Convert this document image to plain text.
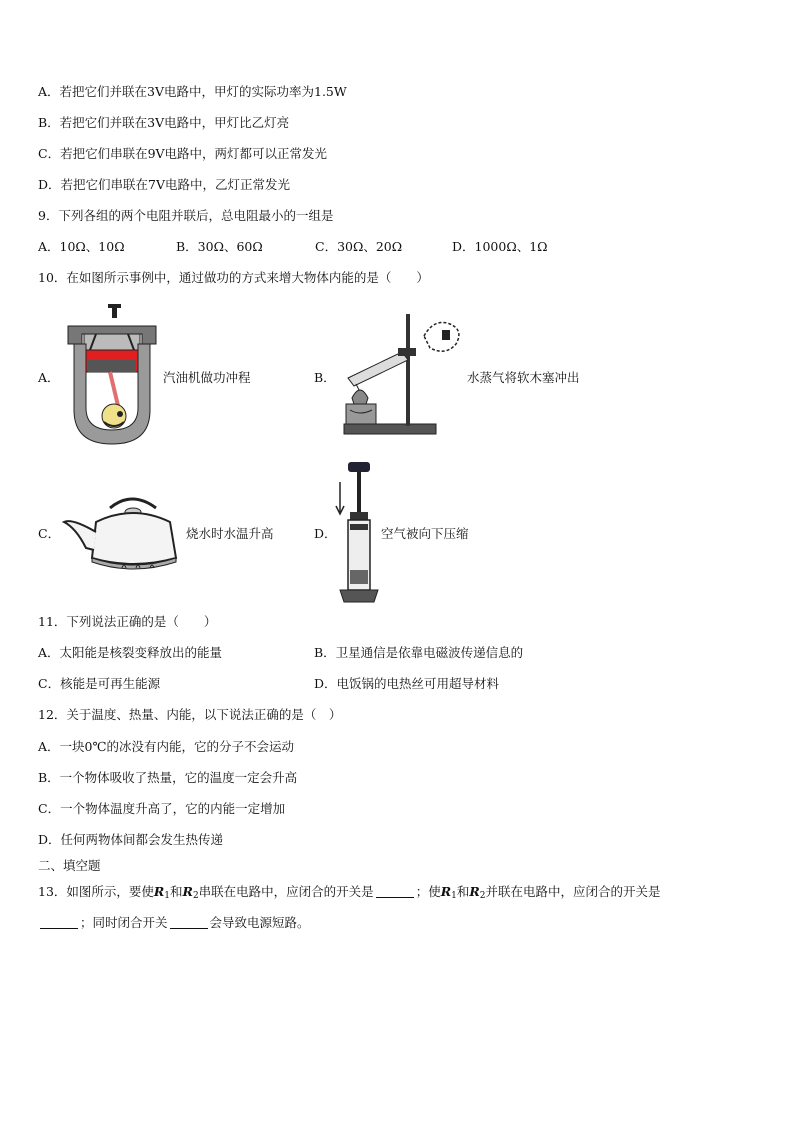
A．若把它们并联在3V电路中，甲灯的实际功率为1.5W
B．若把它们并联在3V电路中，甲灯比乙灯亮
C．若把它们串联在9V电路中，两灯都可以正常发光
D．若把它们串联在7V电路中，乙灯正常发光
9．下列各组的两个电阻并联后，总电阻最小的一组是
A．10Ω、10Ω	B．30Ω、60Ω	C．30Ω、20Ω	D．1000Ω、1Ω
10．在如图所示事例中，通过做功的方式来增大物体内能的是（　　）
A．	汽油机做功冲程	B．	水蒸气将软木塞冲出
C．	烧水时水温升高	D．	空气被向下压缩
11．下列说法正确的是（　　）
A．太阳能是核裂变释放出的能量	B．卫星通信是依靠电磁波传递信息的
C．核能是可再生能源	D．电饭锅的电热丝可用超导材料
12．关于温度、热量、内能，以下说法正确的是（　）
A．一块0℃的冰没有内能，它的分子不会运动
B．一个物体吸收了热量，它的温度一定会升高
C．一个物体温度升高了，它的内能一定增加
D．任何两物体间都会发生热传递
二、填空题
13．如图所示，要使$R_1$和$R_2$串联在电路中，应闭合的开关是	；使$R_1$和$R_2$并联在电路中，应闭合的开关是
；同时闭合开关	会导致电源短路。
